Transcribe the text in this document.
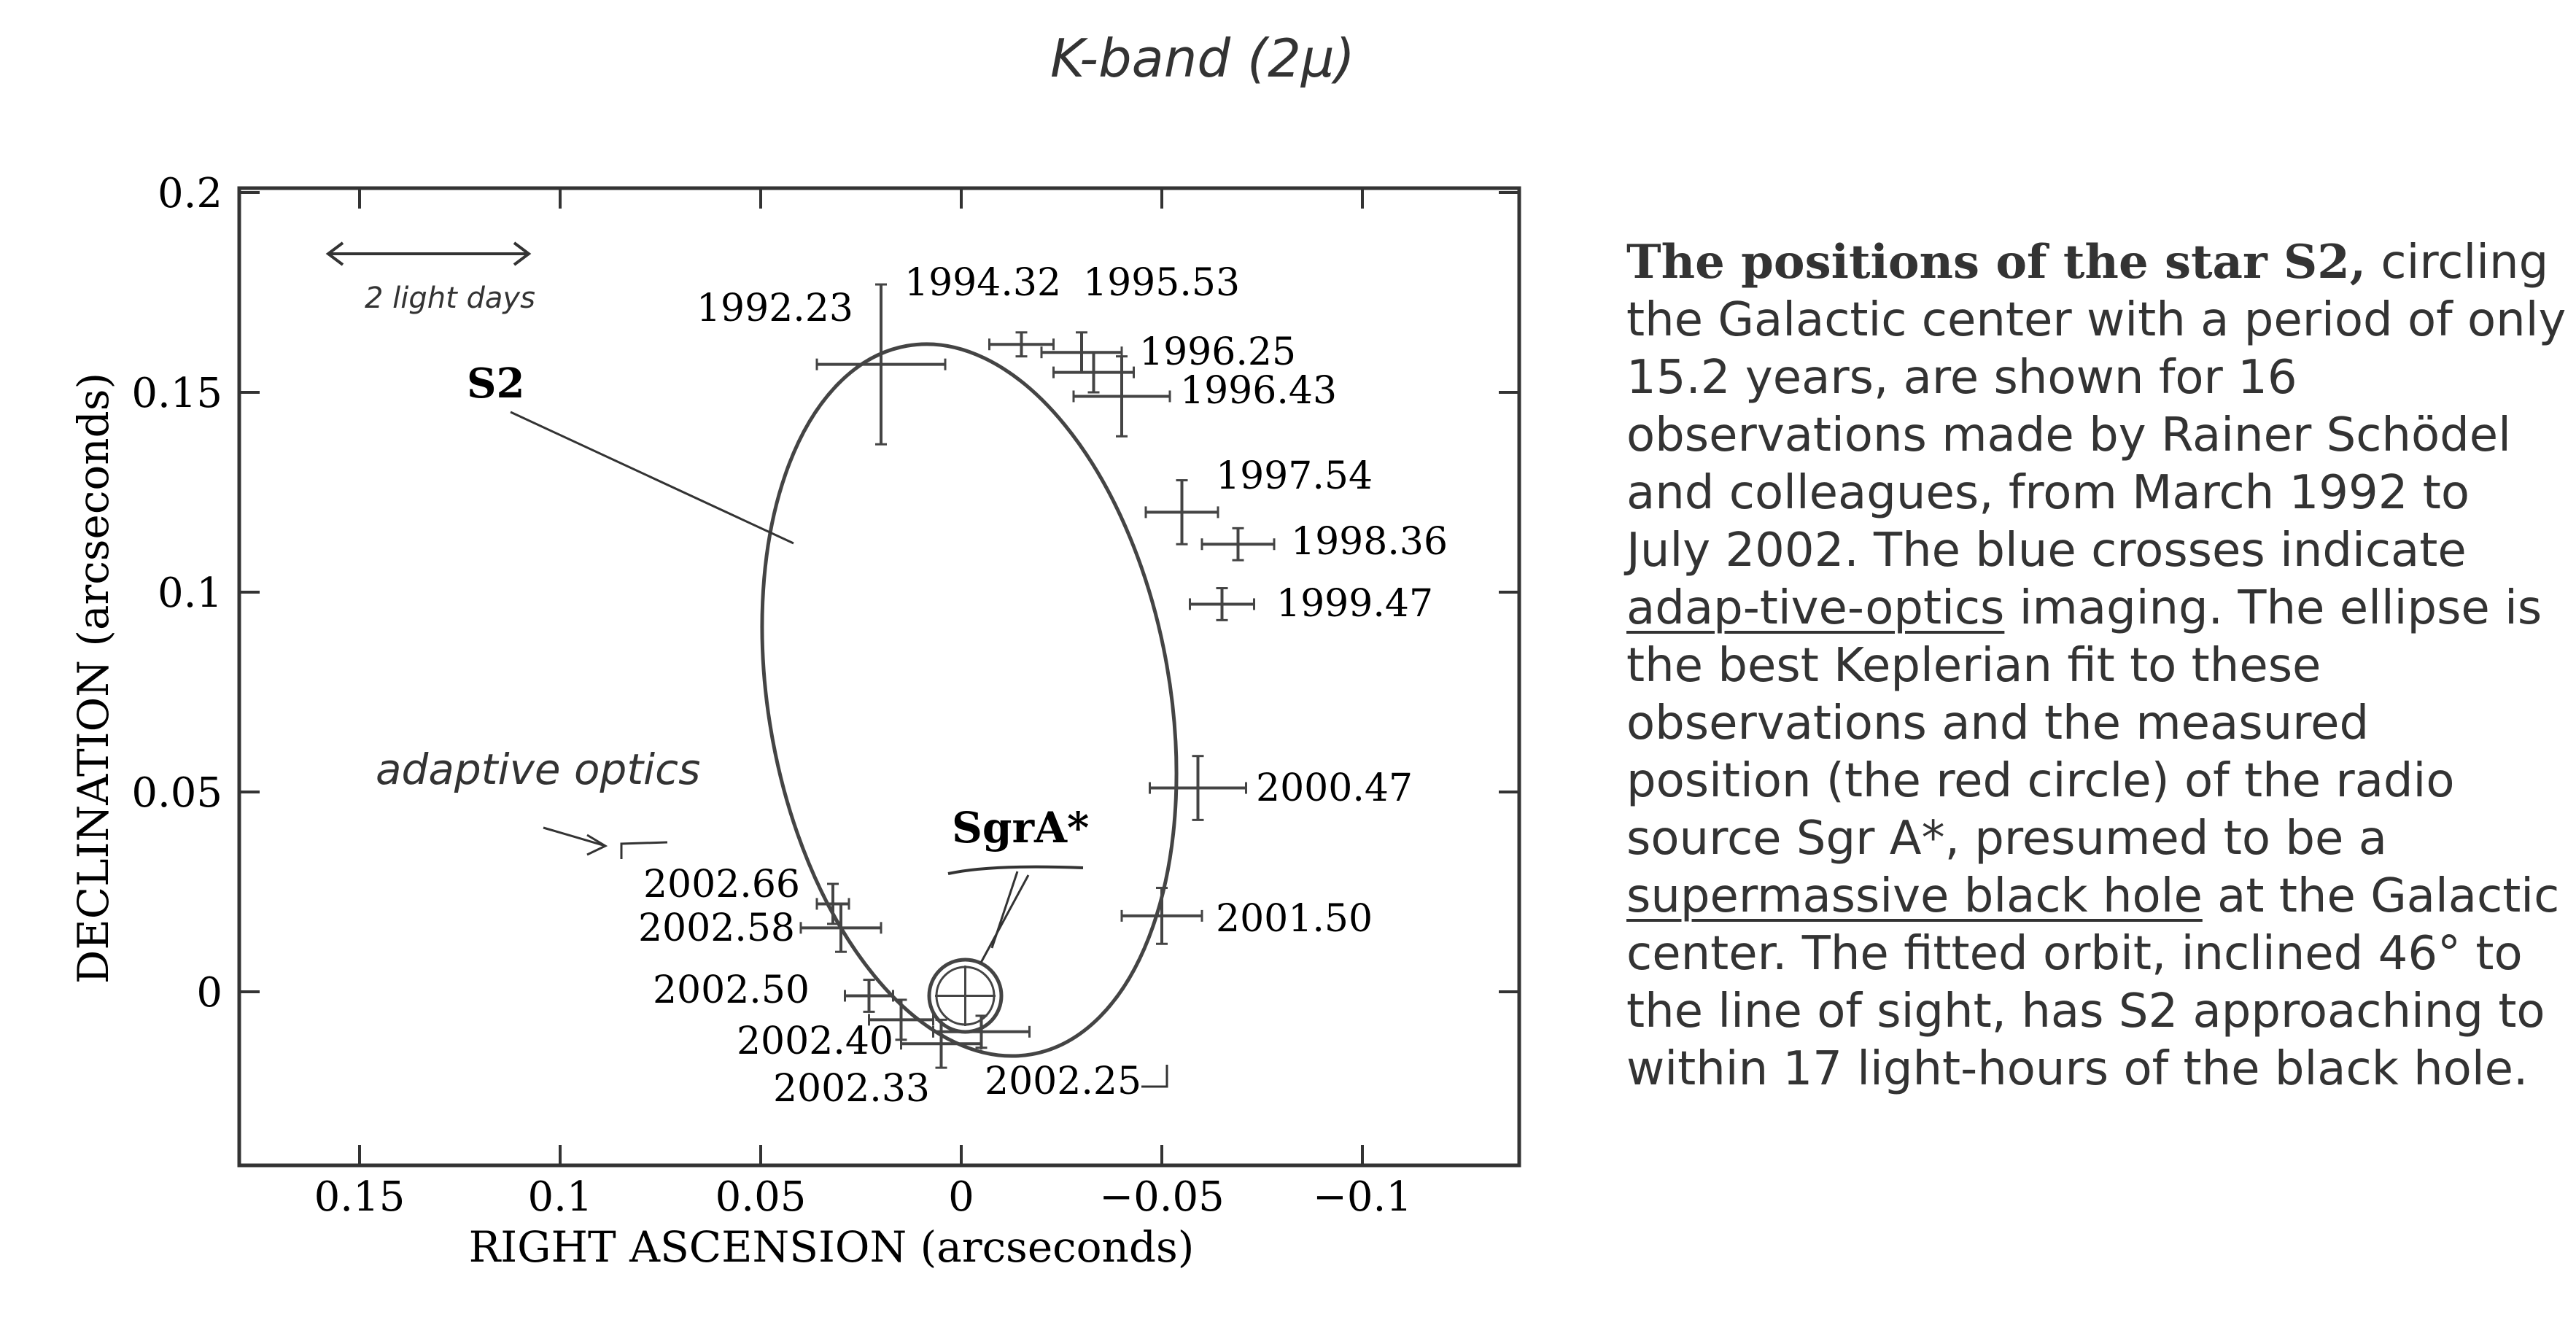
K-band (2μ)
0.15	0.1	0.05	0	−0.05 −0.1
0.2
0.15
0.1
0.05
0
RIGHT ASCENSION (arcseconds)
DECLINATION (arcseconds)
1992.23
1994.32 1995.53
1996.25
1996.43
1997.54
1998.36
1999.47
2000.47
2001.50
2002.25
2002.33
2002.40
2002.50
2002.58
2002.66
2 light days
S2
adaptive optics
SgrA*
The positions of the star S2, circling the Galactic center with a period of only 15.2 years, are shown for 16 observations made by Rainer Schödel and colleagues, from March 1992 to July 2002. The blue crosses indicate adap-tive-optics imaging. The ellipse is the best Keplerian fit to these observations and the measured position (the red circle) of the radio source Sgr A*, presumed to be a supermassive black hole at the Galactic center. The fitted orbit, inclined 46° to the line of sight, has S2 approaching to within 17 light-hours of the black hole.
